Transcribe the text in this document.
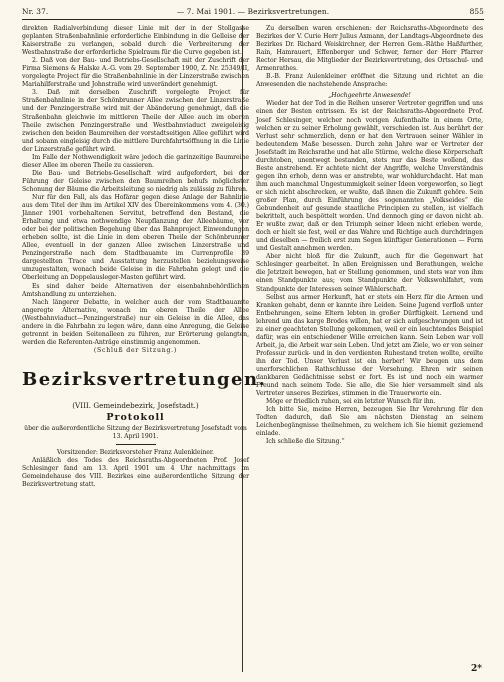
Nr. 37.	— 7. Mai 1901. — Bezirksvertretungen.	855

direkten Radialverbindung dieser Linie mit der in der Stollgasse geplanten Straßenbahnlinie erforderliche Einbindung in die Gelleise der Kaiserstraße zu verlangen, sobald durch die Verbreiterung der Westbahnstraße der erforderliche Spielraum für die Curve gegeben ist.

2. Daß von der Bau- und Betriebs-Gesellschaft mit der Zuschrift der Firma Siemens & Halske A.-G. vom 29. September 1900, Z. Nr. 25349/II, vorgelegte Project für die Straßenbahnlinie in der Linzerstraße zwischen Mariahilferstraße und Johnstraße wird unverändert genehmigt.

3. Daß mit derselben Zuschrift vorgelegte Project für Straßenbahnlinie in der Schönbrunner Allee zwischen der Linzerstraße und der Penzingerstraße wird mit der Abänderung genehmigt, daß die Straßenbahn gleichwie im mittleren Theile der Allee auch im oberen Theile zwischen Penzingerstraße und Westbahnviaduct zweigeleisig zwischen den beiden Baumreihen der vorstadtseitigen Allee geführt wird und sobann eingleisig durch die mittlere Durchfahrtsöffnung in die Linie der Linzerstraße geführt wird.

Im Falle der Nothwendigkeit wäre jedoch die garinzeitige Baumreihe dieser Allee im oberen Theile zu cassieren.

Die Bau- und Betriebs-Gesellschaft wird aufgefordert, bei der Führung der Geleise zwischen den Baumreihen behufs möglichster Schonung der Bäume die Arbeitsleitung so niedrig als zulässig zu führen.

Nur für den Fall, als das Hofärar gegen diese Anlage der Bahnlinie aus dem Titel der ihm im Artikel XIV des Übereinkommens vom 4. (30.) Jänner 1901 vorbehaltenen Servitut, betreffend den Bestand, die Erhaltung und etwa nothwendige Neupflanzung der Alleebäume, vor oder bei der politischen Begehung über das Bahnproject Einwendungen erheben sollte, ist die Linie in dem oberen Theile der Schönbrunner Allee, eventuell in der ganzen Allee zwischen Linzerstraße und Penzingerstraße nach dem Stadtbauamte im Currenprofile 39 dargestellten Trace und Ausstattung herzustellen beziehungsweise umzugestalten, wonach beide Geleise in die Fahrbahn gelegt und die Oberleitung an Doppelausleger-Masten geführt wird.

Es sind daher beide Alternativen der eisenbahnbehördlichen Amtshandlung zu unterziehen.

Nach längerer Debatte, in welcher auch der vom Stadtbauamte angeregte Alternative, wonach im oberen Theile der Allee (Westbahnviaduct—Penzingerstraße) nur ein Geleise in die Allee, das andere in die Fahrbahn zu legen wäre, dann eine Anregung, die Geleise getrennt in beiden Seitenalleen zu führen, zur Erörterung gelangten, werden die Referenten-Anträge einstimmig angenommen.

(Schluß der Sitzung.)

Bezirksvertretungen.
(VIII. Gemeindebezirk, Josefstadt.)
Protokoll

über die außerordentliche Sitzung der Bezirksvertretung Josefstadt vom 13. April 1901.

Vorsitzender: Bezirksvorsteher Franz Aulenkleiner.

Anläßlich des Todes des Reichsraths-Abgeordneten Prof. Josef Schlesinger fand am 13. April 1901 um 4 Uhr nachmittags im Gemeindehause des VIII. Bezirkes eine außerordentliche Sitzung der Bezirksvertretung statt.

Zu derselben waren erschienen: der Reichsraths-Abgeordnete des Bezirkes der V. Curie Herr Julius Axmann, der Landtags-Abgeordnete des Bezirkes Dr. Richard Weiskirchner, der Herren Gem.-Räthe Haßfurther, Rain, Hamrauert, Effenberger und Schwer, ferner der Herr Pfarrer Rector Hersau, die Mitglieder der Bezirksvertretung, des Ortsschul- und Armenrathes.

B.-B. Franz Aulenkleiner eröffnet die Sitzung und richtet an die Anwesenden die nachstehende Ansprache:

„Hochgeehrte Anwesende!

Wieder hat der Tod in die Reihen unserer Vertreter gegriffen und uns einen der Besten entrissen. Es ist der Reichsraths-Abgeordnete Prof. Josef Schlesinger, welcher noch vorigen Aufenthalte in einem Orte, welchen er zu seiner Erholung gewählt, verschieden ist. Aus berührt der Verlust sehr schmerzlich, denn er hat den Vertrauen seiner Wähler in bedeutendem Maße besessen. Durch zehn Jahre war er Vertreter der Josefstadt im Reichsrathe und hat alle Stürme, welche diese Körperschaft durchtoben, unentwegt bestanden, stets nur das Beste wollend, das Beste anstrebend. Er achtete nicht der Angriffe, welche Unverständnis gegen ihn erhob, denn was er anstrebte, war wohldurchdacht. Hat man ihm auch manchmal Ungestummigkeit seiner Ideen vorgeworfen, so liegt er sich nicht abschrecken, er wußte, daß ihnen die Zukunft gehöre. Sein großer Plan, durch Einführung des sogenannten „Volkseides“ die Gebundenheit auf gesunde staatliche Principien zu stellen, ist vielfach bekrittelt, auch bespöttelt worden. Und dennoch ging er davon nicht ab. Er wußte zwar, daß er den Triumph seiner Ideen nicht erleben werde, doch er hielt sie fest, weil er das Wahre und Richtige auch durchdringen und dieselben — freilich erst zum Segen künftiger Generationen — Form und Gestalt annehmen werden.

Aber nicht bloß für die Zukunft, auch für die Gegenwart hat Schlesinger gearbeitet. In allen Ereignissen und Berathungen, welche die Jetztzeit bewegen, hat er Stellung genommen, und stets war von ihm einen Standpunkte aus; vom Standpunkte der Volkswohlfahrt, vom Standpunkte der Interessen seiner Wählerschaft.

Selbst aus armer Herkunft, hat er stets ein Herz für die Armen und Kranken gehabt, denn er kannte ihre Leiden. Seine Jugend verfloß unter Entbehrungen, seine Eltern lebten in großer Dürftigkeit. Lernend und lehrend um das karge Brodes willen, hat er sich aufgeschwungen und ist zu einer geachteten Stellung gekommen, weil er ein leuchtendes Beispiel dafür, was ein entschiedener Wille erreichen kann. Sein Leben war voll Arbeit, ja, die Arbeit war sein Leben. Und jetzt am Ziele, wo er von seiner Professur zurück- und in den verdienten Ruhestand treten wollte, ereilte ihn der Tod. Unser Verlust ist ein herber! Wir beugen uns dem unerforschlichen Rathschlusse der Vorsehung. Ehren wir seinen dankbaren Gedächtnisse sebst er fort. Es ist und noch ein warmer Freund nach seinem Tode. Sie alle, die Sie hier versammelt sind als Vertreter unseres Bezirkes, stimmen in die Trauerworte ein.

Möge er friedlich ruhen, sei ein letzter Wunsch für ihn.

Ich bitte Sie, meine Herren, bezeugen Sie Ihr Verehrung für den Todten dadurch, daß Sie am nächsten Dienstag an seinem Leichenbegängnisse theilnehmen, zu welchem ich Sie hiemit geziemend einlade.

Ich schließe die Sitzung.“

2*
